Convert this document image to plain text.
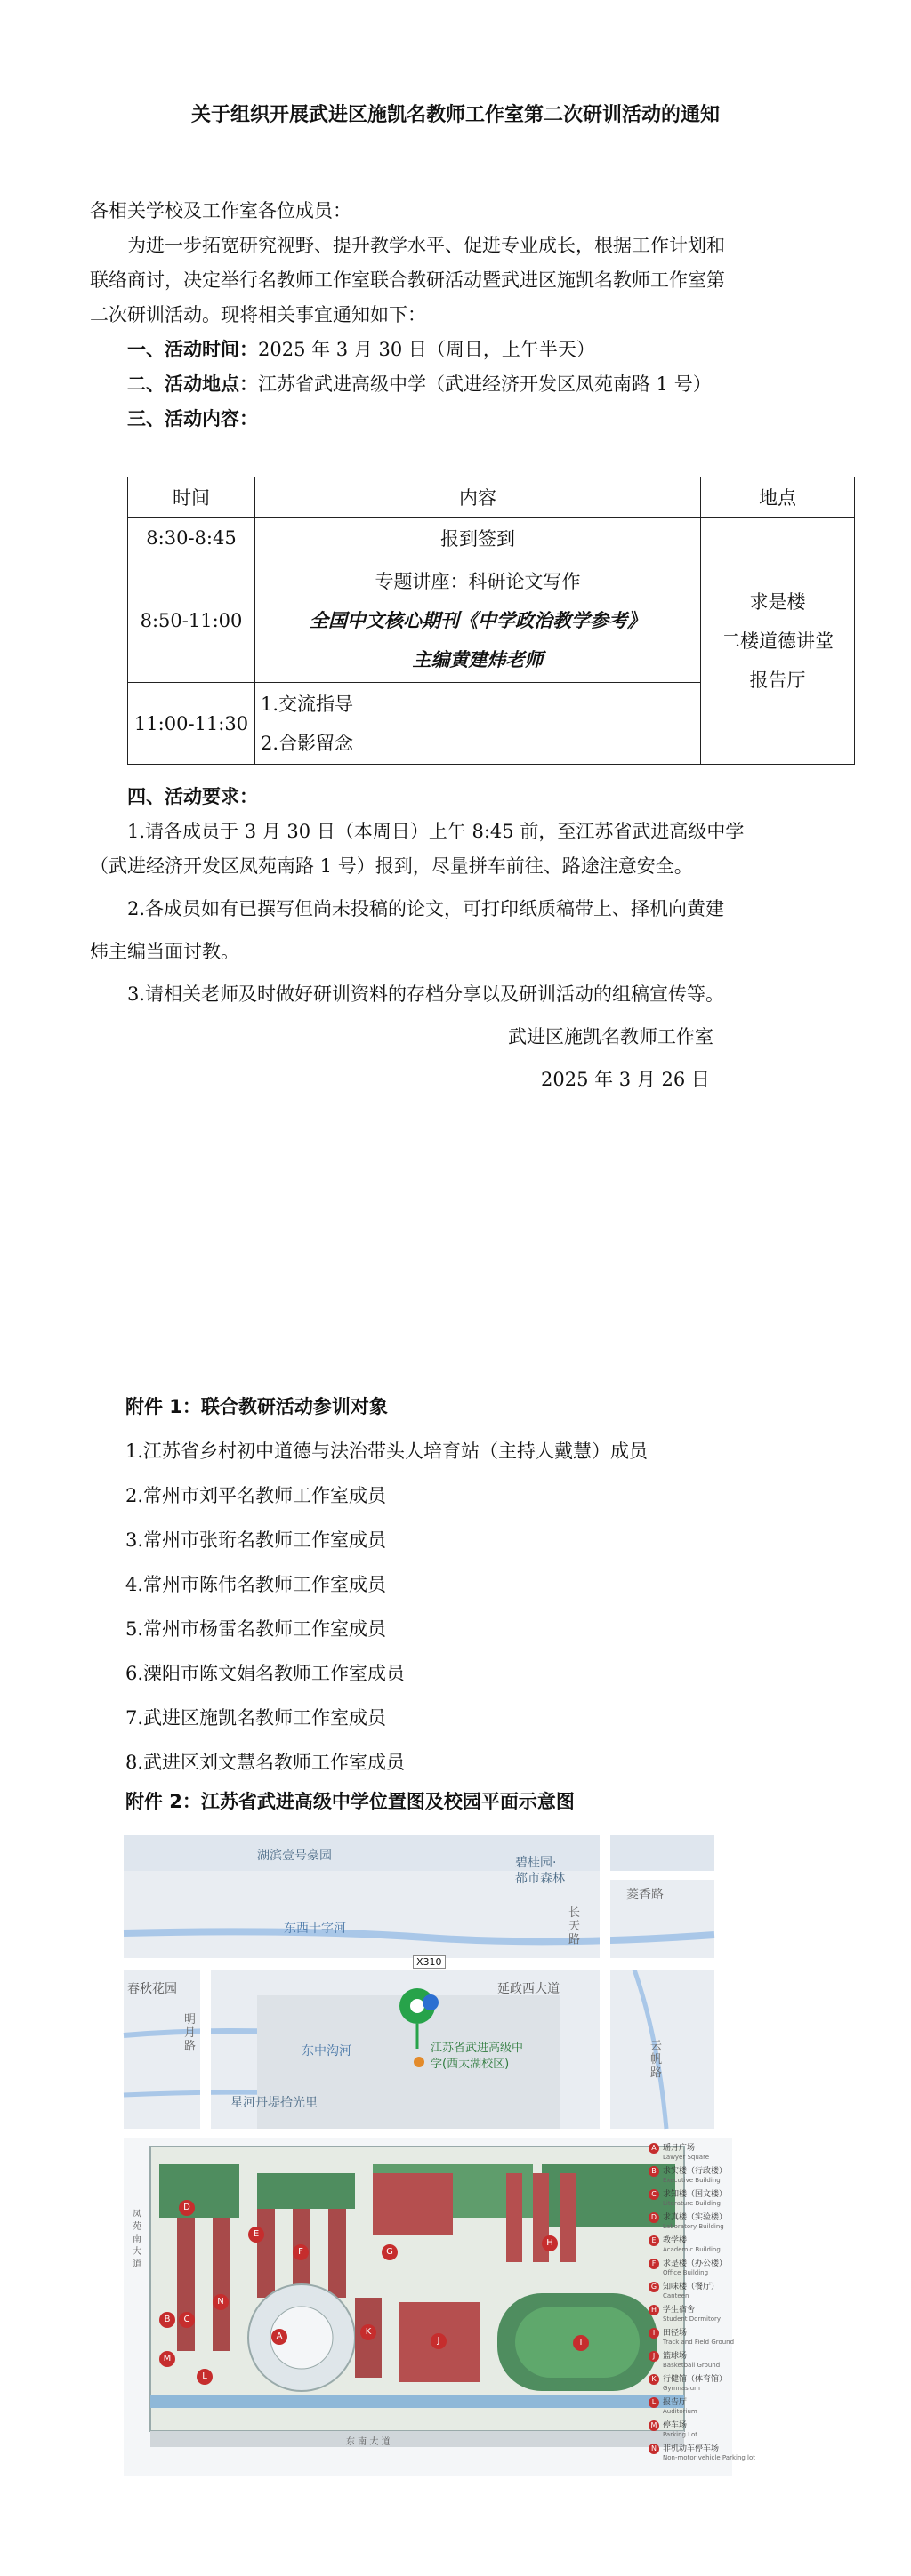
关于组织开展武进区施凯名教师工作室第二次研训活动的通知
各相关学校及工作室各位成员：
为进一步拓宽研究视野、提升教学水平、促进专业成长，根据工作计划和
联络商讨，决定举行名教师工作室联合教研活动暨武进区施凯名教师工作室第
二次研训活动。现将相关事宜通知如下：
一、活动时间：2025 年 3 月 30 日（周日，上午半天）
二、活动地点：江苏省武进高级中学（武进经济开发区凤苑南路 1 号）
三、活动内容：
时间	内容	地点
8:30-8:45	报到签到	求是楼
二楼道德讲堂
报告厅

8:50-11:00	专题讲座：科研论文写作
全国中文核心期刊《中学政治教学参考》
主编黄建炜老师	

11:00-11:30	1.交流指导
2.合影留念	
四、活动要求：
1.请各成员于 3 月 30 日（本周日）上午 8:45 前，至江苏省武进高级中学
（武进经济开发区凤苑南路 1 号）报到，尽量拼车前往、路途注意安全。
2.各成员如有已撰写但尚未投稿的论文，可打印纸质稿带上、择机向黄建
炜主编当面讨教。
3.请相关老师及时做好研训资料的存档分享以及研训活动的组稿宣传等。
武进区施凯名教师工作室
2025 年 3 月 26 日
附件 1：联合教研活动参训对象
1.江苏省乡村初中道德与法治带头人培育站（主持人戴慧）成员
2.常州市刘平名教师工作室成员
3.常州市张珩名教师工作室成员
4.常州市陈伟名教师工作室成员
5.常州市杨雷名教师工作室成员
6.溧阳市陈文娟名教师工作室成员
7.武进区施凯名教师工作室成员
8.武进区刘文慧名教师工作室成员
附件 2：江苏省武进高级中学位置图及校园平面示意图
湖滨壹号豪园	碧桂园·
都市森林
菱香路
长天路
东西十字河
X310
延政西大道
春秋花园
明月路	东中沟河	江苏省武进高级中
学(西太湖校区)
云帆路
星河丹堤拾光里
A
B	C
D
E
F	G
H
I
J
K
L
M
N
东 南 大 道
凤 苑 南 大 道
A 瑶月广场
Lawyer Square
B 求实楼（行政楼）
Executive Building
C 求知楼（国文楼）
Literature Building
D 求真楼（实验楼）
Laboratory Building
E 教学楼
Academic Building
F 求是楼（办公楼）
Office Building
G 知味楼（餐厅）
Canteen
H 学生宿舍
Student Dormitory
I 田径场
Track and Field Ground
J 篮球场
Basketball Ground
K 行健馆（体育馆）
Gymnasium
L 报告厅
Auditorium
M 停车场
Parking Lot
N 非机动车停车场
Non-motor vehicle Parking lot
